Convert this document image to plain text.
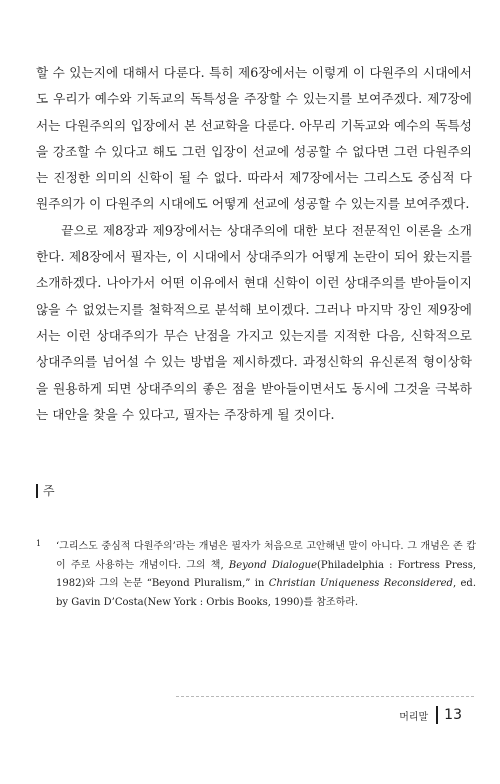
할 수 있는지에 대해서 다룬다. 특히 제6장에서는 이렇게 이 다원주의 시대에서도 우리가 예수와 기독교의 독특성을 주장할 수 있는지를 보여주겠다. 제7장에서는 다원주의의 입장에서 본 선교학을 다룬다. 아무리 기독교와 예수의 독특성을 강조할 수 있다고 해도 그런 입장이 선교에 성공할 수 없다면 그런 다원주의는 진정한 의미의 신학이 될 수 없다. 따라서 제7장에서는 그리스도 중심적 다원주의가 이 다원주의 시대에도 어떻게 선교에 성공할 수 있는지를 보여주겠다.

끝으로 제8장과 제9장에서는 상대주의에 대한 보다 전문적인 이론을 소개한다. 제8장에서 필자는, 이 시대에서 상대주의가 어떻게 논란이 되어 왔는지를 소개하겠다. 나아가서 어떤 이유에서 현대 신학이 이런 상대주의를 받아들이지 않을 수 없었는지를 철학적으로 분석해 보이겠다. 그러나 마지막 장인 제9장에서는 이런 상대주의가 무슨 난점을 가지고 있는지를 지적한 다음, 신학적으로 상대주의를 넘어설 수 있는 방법을 제시하겠다. 과정신학의 유신론적 형이상학을 원용하게 되면 상대주의의 좋은 점을 받아들이면서도 동시에 그것을 극복하는 대안을 찾을 수 있다고, 필자는 주장하게 될 것이다.

주
1	‘그리스도 중심적 다원주의’라는 개념은 필자가 처음으로 고안해낸 말이 아니다. 그 개념은 존 캅이 주로 사용하는 개념이다. 그의 책, Beyond Dialogue(Philadelphia : Fortress Press, 1982)와 그의 논문 “Beyond Pluralism,” in Christian Uniqueness Reconsidered, ed. by Gavin D’Costa(New York : Orbis Books, 1990)를 참조하라.
머리말 13
